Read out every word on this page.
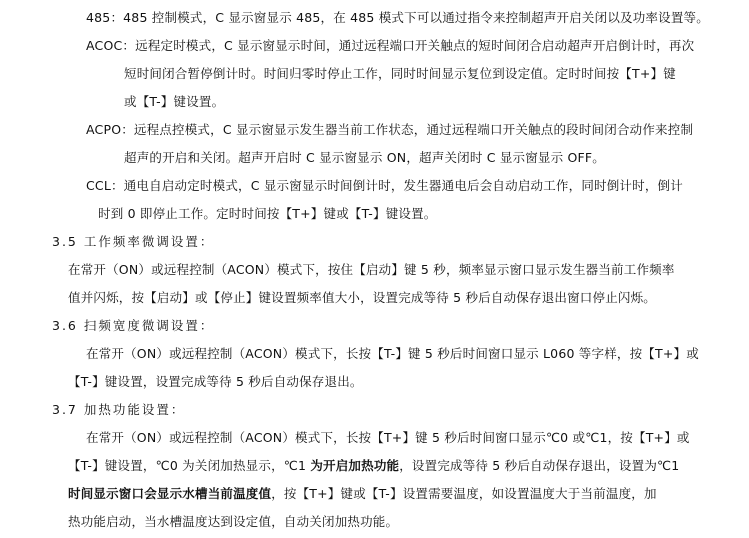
485：485 控制模式，C 显示窗显示 485，在 485 模式下可以通过指令来控制超声开启关闭以及功率设置等。
ACOC：远程定时模式，C 显示窗显示时间，通过远程端口开关触点的短时间闭合启动超声开启倒计时，再次
短时间闭合暂停倒计时。时间归零时停止工作，同时时间显示复位到设定值。定时时间按【T+】键
或【T-】键设置。
ACPO：远程点控模式，C 显示窗显示发生器当前工作状态，通过远程端口开关触点的段时间闭合动作来控制
超声的开启和关闭。超声开启时 C 显示窗显示 ON，超声关闭时 C 显示窗显示 OFF。
CCL：通电自启动定时模式，C 显示窗显示时间倒计时，发生器通电后会自动启动工作，同时倒计时，倒计
时到 0 即停止工作。定时时间按【T+】键或【T-】键设置。
3.5 工作频率微调设置：
在常开（ON）或远程控制（ACON）模式下，按住【启动】键 5 秒，频率显示窗口显示发生器当前工作频率
值并闪烁，按【启动】或【停止】键设置频率值大小，设置完成等待 5 秒后自动保存退出窗口停止闪烁。
3.6 扫频宽度微调设置：
在常开（ON）或远程控制（ACON）模式下，长按【T-】键 5 秒后时间窗口显示 L060 等字样，按【T+】或
【T-】键设置，设置完成等待 5 秒后自动保存退出。
3.7 加热功能设置：
在常开（ON）或远程控制（ACON）模式下，长按【T+】键 5 秒后时间窗口显示℃0 或℃1，按【T+】或
【T-】键设置，℃0 为关闭加热显示，℃1 为开启加热功能，设置完成等待 5 秒后自动保存退出，设置为℃1
时间显示窗口会显示水槽当前温度值，按【T+】键或【T-】设置需要温度，如设置温度大于当前温度，加
热功能启动，当水槽温度达到设定值，自动关闭加热功能。
